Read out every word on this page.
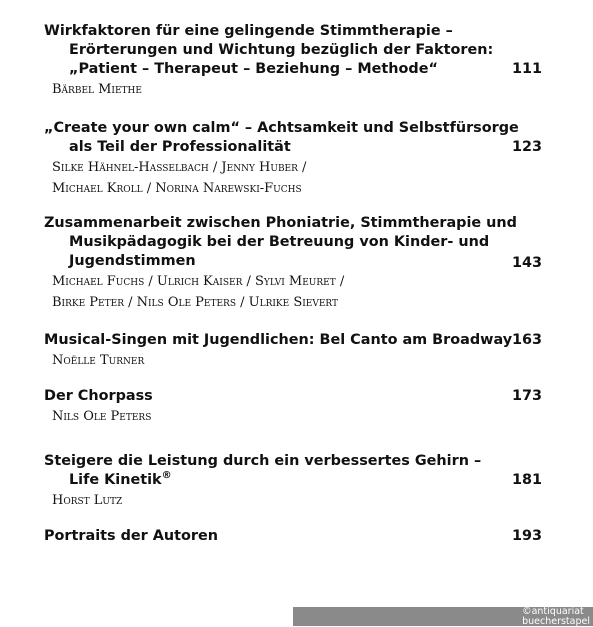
Wirkfaktoren für eine gelingende Stimmtherapie –
Erörterungen und Wichtung bezüglich der Faktoren:
„Patient – Therapeut – Beziehung – Methode“	111
Bärbel Miethe
„Create your own calm“ – Achtsamkeit und Selbstfürsorge
als Teil der Professionalität	123
Silke Hähnel-Hasselbach / Jenny Huber /
Michael Kroll / Norina Narewski-Fuchs
Zusammenarbeit zwischen Phoniatrie, Stimmtherapie und
Musikpädagogik bei der Betreuung von Kinder- und
Jugendstimmen	143
Michael Fuchs / Ulrich Kaiser / Sylvi Meuret /
Birke Peter / Nils Ole Peters / Ulrike Sievert
Musical-Singen mit Jugendlichen: Bel Canto am Broadway 163
Noëlle Turner
Der Chorpass	173
Nils Ole Peters
Steigere die Leistung durch ein verbessertes Gehirn –
Life Kinetik®	181
Horst Lutz
Portraits der Autoren	193
©antiquariat
buecherstapel
